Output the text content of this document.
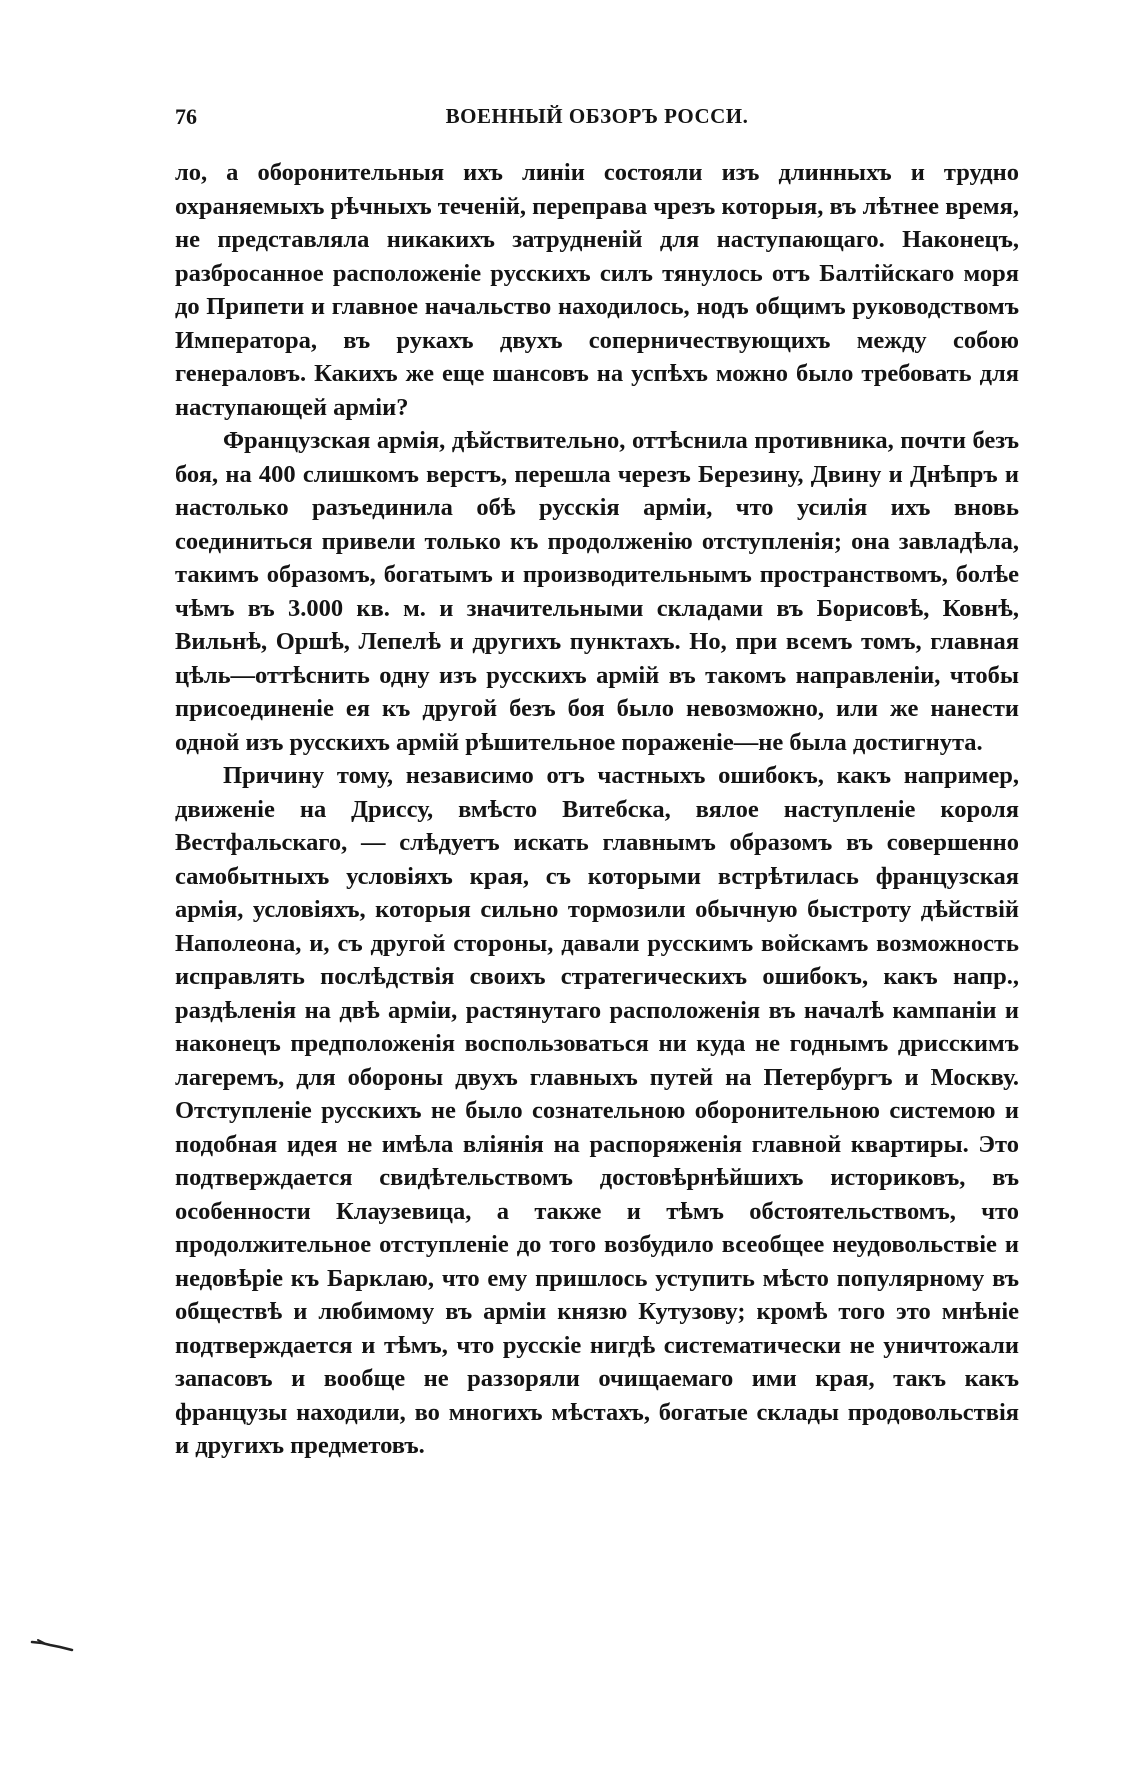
76	ВОЕННЫЙ ОБЗОРЪ РОССИ.

ло, а оборонительныя ихъ линіи состояли изъ длинныхъ и трудно охраняемыхъ рѣчныхъ теченій, переправа чрезъ которыя, въ лѣтнее время, не представляла никакихъ затрудненій для наступающаго. Наконецъ, разбросанное расположеніе русскихъ силъ тянулось отъ Балтійскаго моря до Припети и главное начальство находилось, нодъ общимъ руководствомъ Императора, въ рукахъ двухъ соперничествующихъ между собою генераловъ. Какихъ же еще шансовъ на успѣхъ можно было требовать для наступающей арміи?

Французская армія, дѣйствительно, оттѣснила противника, почти безъ боя, на 400 слишкомъ верстъ, перешла черезъ Березину, Двину и Днѣпръ и настолько разъединила обѣ русскія арміи, что усилія ихъ вновь соединиться привели только къ продолженію отступленія; она завладѣла, такимъ образомъ, богатымъ и производительнымъ пространствомъ, болѣе чѣмъ въ 3.000 кв. м. и значительными складами въ Борисовѣ, Ковнѣ, Вильнѣ, Оршѣ, Лепелѣ и другихъ пунктахъ. Но, при всемъ томъ, главная цѣль—оттѣснить одну изъ русскихъ армій въ такомъ направленіи, чтобы присоединеніе ея къ другой безъ боя было невозможно, или же нанести одной изъ русскихъ армій рѣшительное пораженіе—не была достигнута.

Причину тому, независимо отъ частныхъ ошибокъ, какъ например, движеніе на Дриссу, вмѣсто Витебска, вялое наступленіе короля Вестфальскаго, — слѣдуетъ искать главнымъ образомъ въ совершенно самобытныхъ условіяхъ края, съ которыми встрѣтилась французская армія, условіяхъ, которыя сильно тормозили обычную быстроту дѣйствій Наполеона, и, съ другой стороны, давали русскимъ войскамъ возможность исправлять послѣдствія своихъ стратегическихъ ошибокъ, какъ напр., раздѣленія на двѣ арміи, растянутаго расположенія въ началѣ кампаніи и наконецъ предположенія воспользоваться ни куда не годнымъ дрисскимъ лагеремъ, для обороны двухъ главныхъ путей на Петербургъ и Москву. Отступленіе русскихъ не было сознательною оборонительною системою и подобная идея не имѣла вліянія на распоряженія главной квартиры. Это подтверждается свидѣтельствомъ достовѣрнѣйшихъ историковъ, въ особенности Клаузевица, а также и тѣмъ обстоятельствомъ, что продолжительное отступленіе до того возбудило всеобщее неудовольствіе и недовѣріе къ Барклаю, что ему пришлось уступить мѣсто популярному въ обществѣ и любимому въ арміи князю Кутузову; кромѣ того это мнѣніе подтверждается и тѣмъ, что русскіе нигдѣ систематически не уничтожали запасовъ и вообще не раззоряли очищаемаго ими края, такъ какъ французы находили, во многихъ мѣстахъ, богатые склады продовольствія и другихъ предметовъ.
